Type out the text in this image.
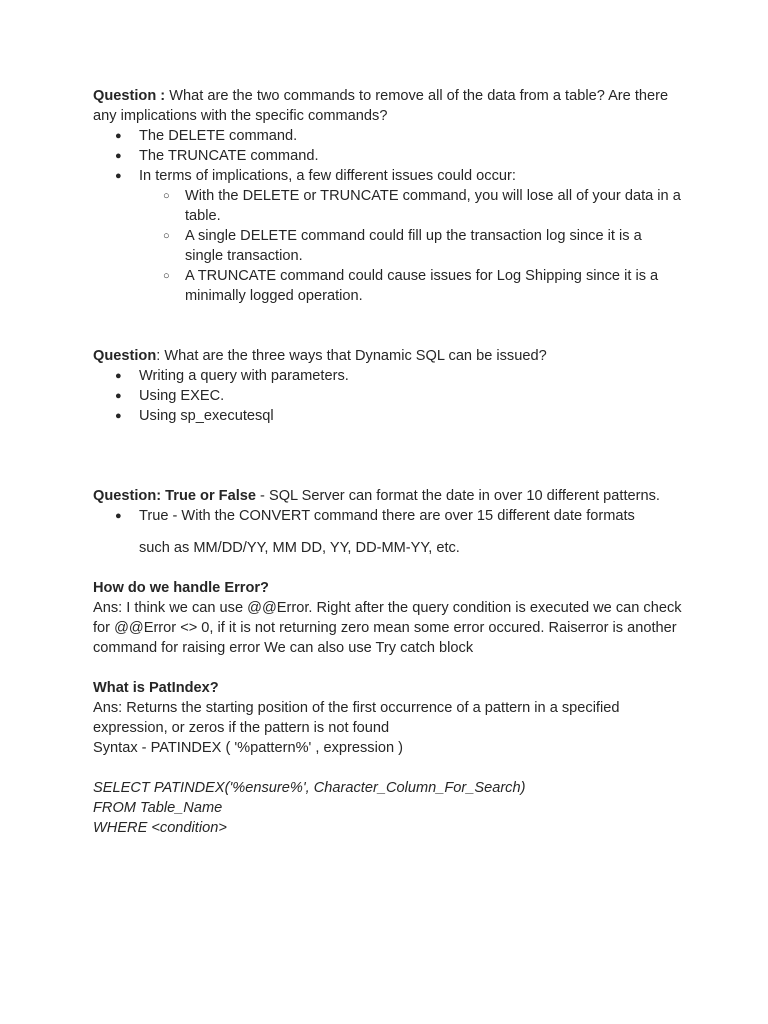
Question : What are the two commands to remove all of the data from a table? Are there any implications with the specific commands?

● The DELETE command.
● The TRUNCATE command.
● In terms of implications, a few different issues could occur:
○ With the DELETE or TRUNCATE command, you will lose all of your data in a table.
○ A single DELETE command could fill up the transaction log since it is a single transaction.
○ A TRUNCATE command could cause issues for Log Shipping since it is a minimally logged operation.

Question: What are the three ways that Dynamic SQL can be issued?

● Writing a query with parameters.
● Using EXEC.
● Using sp_executesql

Question: True or False - SQL Server can format the date in over 10 different patterns.

● True - With the CONVERT command there are over 15 different date formats
such as MM/DD/YY, MM DD, YY, DD-MM-YY, etc.

How do we handle Error?

Ans: I think we can use @@Error. Right after the query condition is executed we can check for @@Error <> 0, if it is not returning zero mean some error occured. Raiserror is another command for raising error We can also use Try catch block

What is PatIndex?

Ans: Returns the starting position of the first occurrence of a pattern in a specified expression, or zeros if the pattern is not found

Syntax - PATINDEX ( '%pattern%' , expression )

SELECT PATINDEX('%ensure%', Character_Column_For_Search)

FROM Table_Name

WHERE <condition>
